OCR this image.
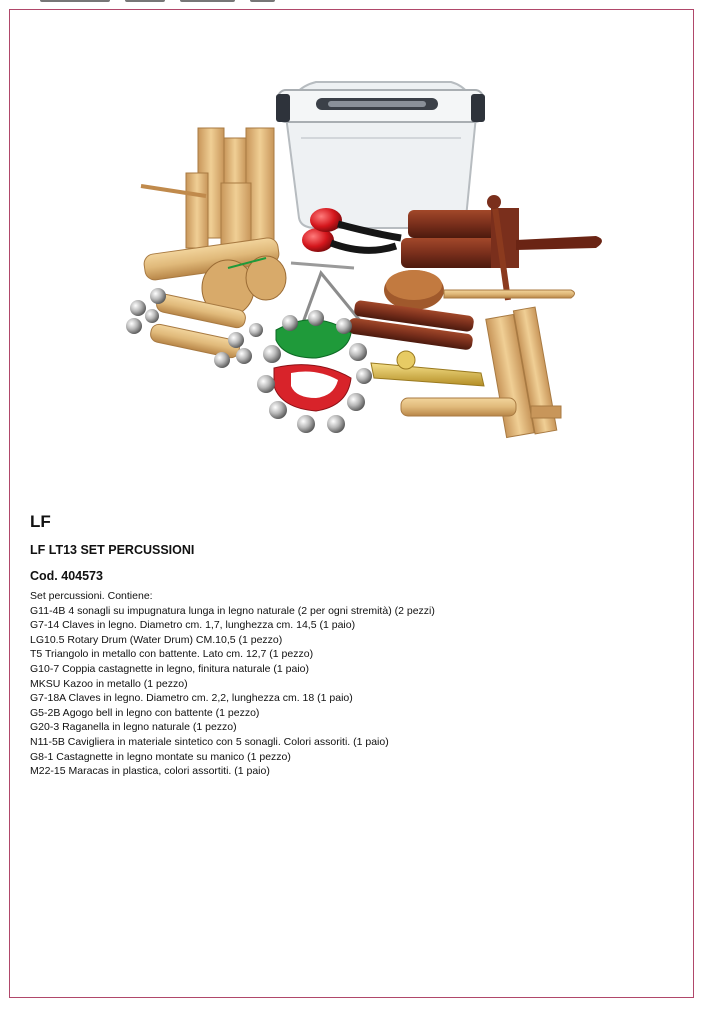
LF
LF LT13 SET PERCUSSIONI
Cod. 404573
Set percussioni. Contiene:
G11-4B 4 sonagli su impugnatura lunga in legno naturale (2 per ogni stremità) (2 pezzi)
G7-14 Claves in legno. Diametro cm. 1,7, lunghezza cm. 14,5 (1 paio)
LG10.5 Rotary Drum (Water Drum) CM.10,5 (1 pezzo)
T5 Triangolo in metallo con battente. Lato cm. 12,7 (1 pezzo)
G10-7 Coppia castagnette in legno, finitura naturale (1 paio)
MKSU Kazoo in metallo (1 pezzo)
G7-18A Claves in legno. Diametro cm. 2,2, lunghezza cm. 18 (1 paio)
G5-2B Agogo bell in legno con battente (1 pezzo)
G20-3 Raganella in legno naturale (1 pezzo)
N11-5B Cavigliera in materiale sintetico con 5 sonagli. Colori assoriti. (1 paio)
G8-1 Castagnette in legno montate su manico (1 pezzo)
M22-15 Maracas in plastica, colori assortiti. (1 paio)
